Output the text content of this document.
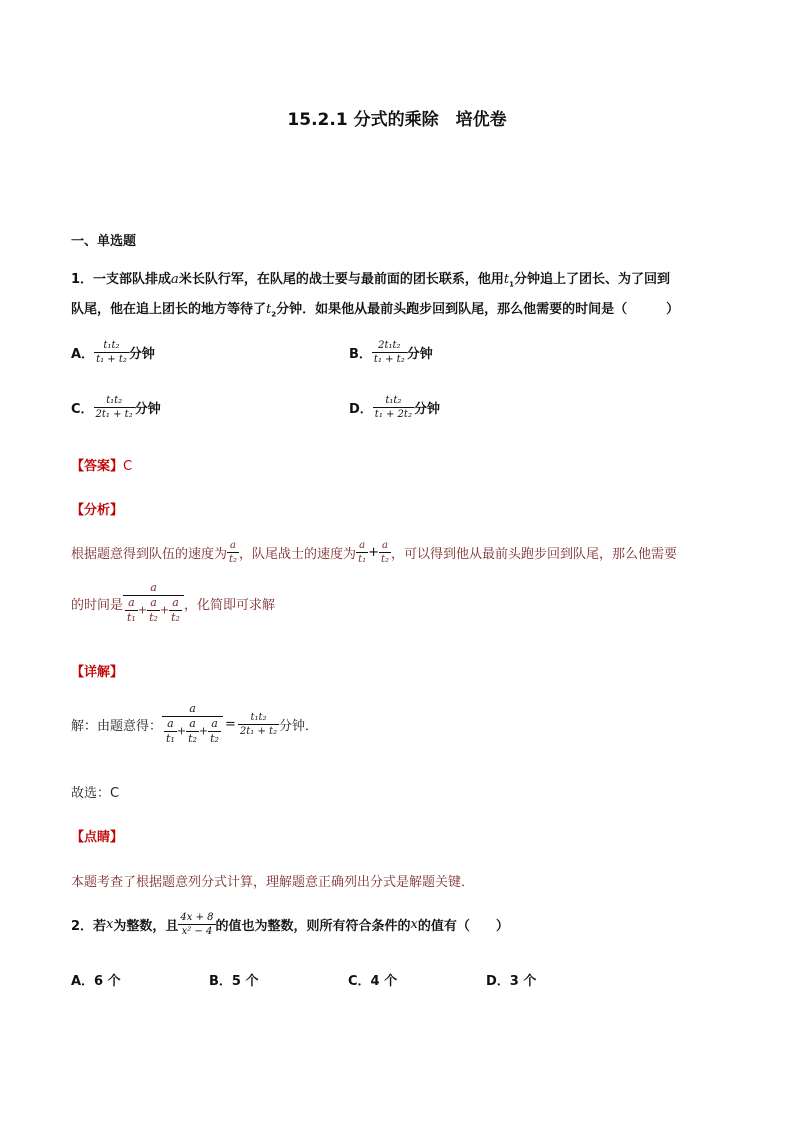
15.2.1 分式的乘除　培优卷
一、单选题
1．一支部队排成a米长队行军，在队尾的战士要与最前面的团长联系，他用$t_1$分钟追上了团长、为了回到
队尾，他在追上团长的地方等待了$t_2$分钟．如果他从最前头跑步回到队尾，那么他需要的时间是（　　　）
A． $\frac{\text{t₁t₂}}{\text{t₁ + t₂}}$ 分钟	B． $\frac{\text{2t₁t₂}}{\text{t₁ + t₂}}$ 分钟
C． $\frac{\text{t₁t₂}}{\text{2t₁ + t₂}}$ 分钟	D． $\frac{\text{t₁t₂}}{\text{t₁ + 2t₂}}$ 分钟
【答案】C
【分析】
根据题意得到队伍的速度为 $\frac{a}{\text{t₂}}$ ，队尾战士的速度为 $\frac{a}{\text{t₁}} + \frac{a}{\text{t₂}}$ ，可以得到他从最前头跑步回到队尾，那么他需要
的时间是 $\frac{a}{\frac{a}{\text{t₁}} + \frac{a}{\text{t₂}} + \frac{a}{\text{t₂}}}$ ，化简即可求解
【详解】
解：由题意得： $\frac{a}{\frac{a}{\text{t₁}} + \frac{a}{\text{t₂}} + \frac{a}{\text{t₂}}} = \frac{\text{t₁t₂}}{\text{2t₁ + t₂}}$ 分钟．
故选：C
【点睛】
本题考查了根据题意列分式计算，理解题意正确列出分式是解题关键．
2．若 x 为整数，且 $\frac{4x + 8}{\text{x² − 4}}$ 的值也为整数，则所有符合条件的 x 的值有（　　）
A．6 个	B．5 个	C．4 个	D．3 个
